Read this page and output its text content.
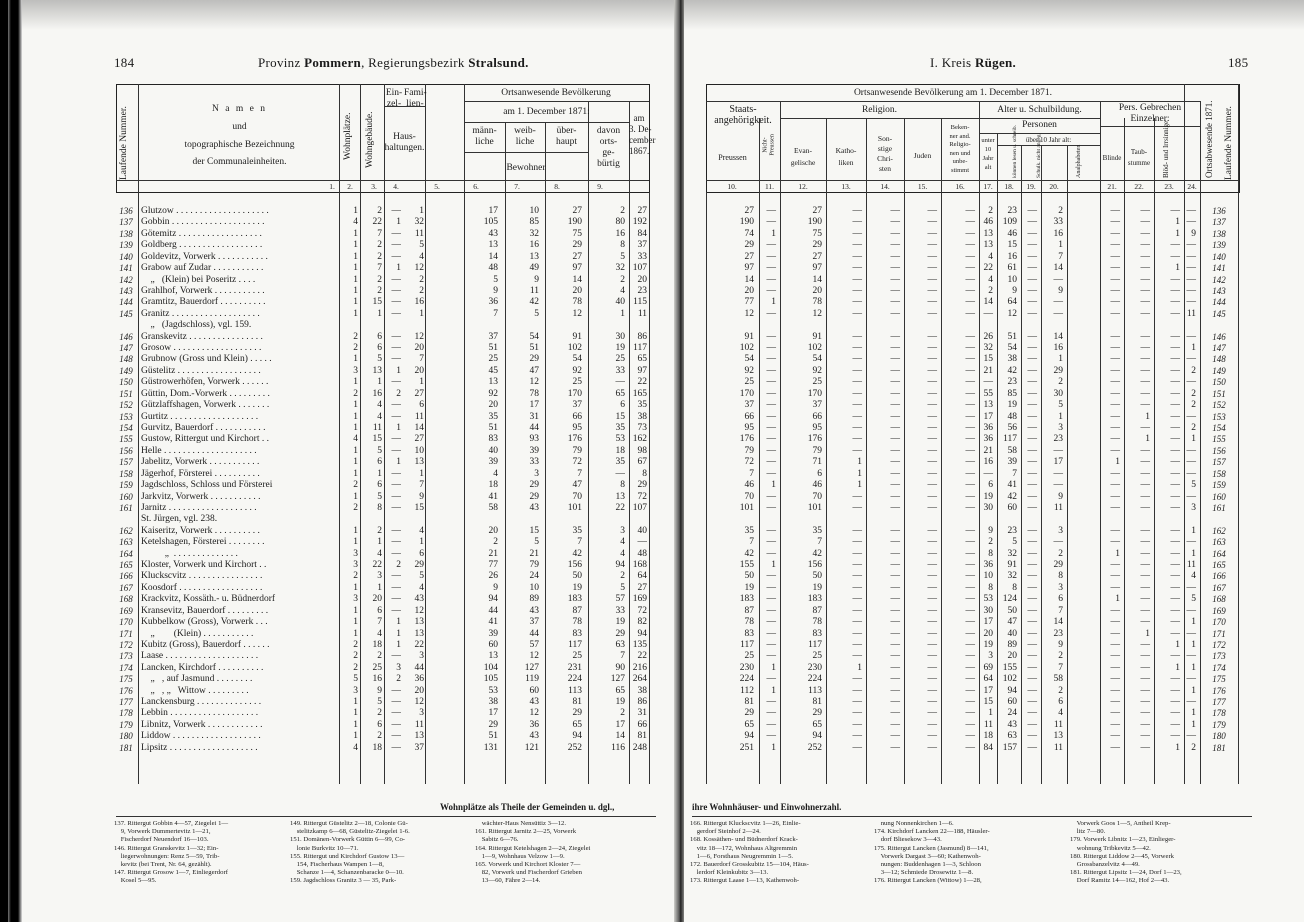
184	Provinz Pommern, Regierungsbezirk Stralsund.
Laufende Nummer.	N a m e n
und
topographische Bezeichnung
der Communaleinheiten.
Wohnplätze. Wohngebäude.
Ein-
zel-
Fami-
lien-
Haus-
haltungen.
Ortsanwesende Bevölkerung
am 1. December 1871:
männ-
liche
weib-
liche
über-
haupt
davon
orts-
ge-
bürtig
am
3. De-
cember
1867.
Bewohner
1.	2.	3.	4.	5.	6.	7.	8.	9.
136 Glutzow . . . . . . . . . . . . . . . . . . . .	1	2	—	1	17	10	27	2	27
137 Gobbin . . . . . . . . . . . . . . . . . . . .	4	22	1	32	105	85	190	80 192
138 Götemitz . . . . . . . . . . . . . . . . . .	1	7	—	11	43	32	75	16	84
139 Goldberg . . . . . . . . . . . . . . . . . .	1	2	—	5	13	16	29	8	37
140 Goldevitz, Vorwerk . . . . . . . . . . .	1	2	—	4	14	13	27	5	33
141 Grabow auf Zudar . . . . . . . . . . .	1	7	1	12	48	49	97	32 107
142 „   (Klein) bei Poseritz . . . .	1	2	—	2	5	9	14	2	20
143 Grahlhof, Vorwerk . . . . . . . . . . .	1	2	—	2	9	11	20	4	23
144 Gramtitz, Bauerdorf . . . . . . . . . .	1	15	—	16	36	42	78	40 115
145 Granitz . . . . . . . . . . . . . . . . . . .	1	1	—	1	7	5	12	1	11
„   (Jagdschloss), vgl. 159.
146 Granskevitz . . . . . . . . . . . . . . . .	2	6	—	12	37	54	91	30	86
147 Grosow . . . . . . . . . . . . . . . . . . .	2	6	—	20	51	51	102	19 117
148 Grubnow (Gross und Klein) . . . . .	1	5	—	7	25	29	54	25	65
149 Güstelitz . . . . . . . . . . . . . . . . . .	3	13	1	20	45	47	92	33	97
150 Güstrowerhöfen, Vorwerk . . . . . .	1	1	—	1	13	12	25	—	22
151 Güttin, Dom.-Vorwerk . . . . . . . . .	2	16	2	27	92	78	170	65 165
152 Gützlaffshagen, Vorwerk . . . . . . .	1	4	—	6	20	17	37	6	35
153 Gurtitz . . . . . . . . . . . . . . . . . . .	1	4	—	11	35	31	66	15	38
154 Gurvitz, Bauerdorf . . . . . . . . . . .	1	11	1	14	51	44	95	35	73
155 Gustow, Rittergut und Kirchort . .	4	15	—	27	83	93	176	53 162
156 Helle . . . . . . . . . . . . . . . . . . . .	1	5	—	10	40	39	79	18	98
157 Jabelitz, Vorwerk . . . . . . . . . . .	1	6	1	13	39	33	72	35	67
158 Jägerhof, Försterei . . . . . . . . . .	1	1	—	1	4	3	7	—	8
159 Jagdschloss, Schloss und Försterei	2	6	—	7	18	29	47	8	29
160 Jarkvitz, Vorwerk . . . . . . . . . . .	1	5	—	9	41	29	70	13	72
161 Jarnitz . . . . . . . . . . . . . . . . . . .	2	8	—	15	58	43	101	22 107
St. Jürgen, vgl. 238.
162 Kaiseritz, Vorwerk . . . . . . . . . .	1	2	—	4	20	15	35	3	40
163 Ketelshagen, Försterei . . . . . . . .	1	1	—	1	2	5	7	4	—
164 „  . . . . . . . . . . . . . .	3	4	—	6	21	21	42	4	48
165 Kloster, Vorwerk und Kirchort . .	3	22	2	29	77	79	156	94 168
166 Kluckscvitz . . . . . . . . . . . . . . . .	2	3	—	5	26	24	50	2	64
167 Koosdorf . . . . . . . . . . . . . . . . . .	1	1	—	4	9	10	19	5	27
168 Krackvitz, Kossäth.- u. Büdnerdorf	3	20	—	43	94	89	183	57 169
169 Kransevitz, Bauerdorf . . . . . . . . .	1	6	—	12	44	43	87	33	72
170 Kubbelkow (Gross), Vorwerk . . .	1	7	1	13	41	37	78	19	82
171 „        (Klein) . . . . . . . . . . .	1	4	1	13	39	44	83	29	94
172 Kubitz (Gross), Bauerdorf . . . . . .	2	18	1	22	60	57	117	63 135
173 Laase . . . . . . . . . . . . . . . . . . . .	2	2	—	3	13	12	25	7	22
174 Lancken, Kirchdorf . . . . . . . . . .	2	25	3	44	104	127	231	90 216
175 „   , auf Jasmund . . . . . . . .	5	16	2	36	105	119	224	127 264
176 „   , „   Wittow . . . . . . . . .	3	9	—	20	53	60	113	65	38
177 Lanckensburg . . . . . . . . . . . . . .	1	5	—	12	38	43	81	19	86
178 Lebbin . . . . . . . . . . . . . . . . . . .	1	2	—	3	17	12	29	2	31
179 Libnitz, Vorwerk . . . . . . . . . . . .	1	6	—	11	29	36	65	17	66
180 Liddow . . . . . . . . . . . . . . . . . . .	1	2	—	13	51	43	94	14	81
181 Lipsitz . . . . . . . . . . . . . . . . . . .	4	18	—	37	131	121	252	116 248
Wohnplätze als Theile der Gemeinden u. dgl.,
137. Rittergut Gobbin 4—57, Ziegelei 1—
9, Vorwerk Dummertevitz 1—21,
Fischerdorf Neuendorf 16—103.
146. Rittergut Granskevitz 1—32; Ein-
liegerwohnungen: Renz 5—59, Trib-
kevitz (bei Trent, Nr. 64, gezählt).
147. Rittergut Grosow 1—7, Einliegerdorf
Kosel 5—95.
149. Rittergut Güstelitz 2—18, Colonie Gü-
stelitzkamp 6—68, Güstelitz-Ziegelei 1-6.
151. Domänen-Vorwerk Güttin 6—99, Co-
lonie Burkvitz 10—71.
155. Rittergut und Kirchdorf Gustow 13—
154, Fischerhaus Wampen 1—8,
Schanze 1—4, Schanzenbaracke 0—10.
159. Jagdschloss Granitz 3 — 35, Park-
wächter-Haus Nensüttiz 3—12.
161. Rittergut Jarnitz 2—25, Vorwerk
Sabitz 6—76.
164. Rittergut Ketelshagen 2—24, Ziegelei
1—9, Wohnhaus Velzow 1—9.
165. Vorwerk und Kirchort Kloster 7—
82, Vorwerk und Fischerdorf Grieben
13—60, Fähre 2—14.
I. Kreis Rügen.	185
Ortsanwesende Bevölkerung am 1. December 1871.
Staats-
angehörigkeit.
Religion.	Alter u. Schulbildung.
Personen
Pers. Gebrechen
Einzelner:
Preussen
Nicht-
Preussen	Evan-
gelische
Katho-
liken
Son-
stige
Chri-
sten
Juden
Beken-
ner and.
Religio-
nen und
unbe-
stimmt
unter
10
Jahr
alt
über 10 Jahr alt:
können lesen u. schreib.	Schulk. nicht angeg.	Analphabeten	Blinde
Taub-
stumme	Blöd- und Irrsinnige	Ortsabwesende 1871. Laufende Nummer.
10.	11.	12.	13.	14.	15.	16.	17.	18.	19.	20.	21.	22.	23.	24.
27	—	27	—	—	—	—	2	23	—	2	—	—	— —	136
190	—	190	—	—	—	— 46	109	—	33	—	—	1 —	137
74	1	75	—	—	—	— 13	46	—	16	—	—	1	9	138
29	—	29	—	—	—	— 13	15	—	1	—	—	— —	139
27	—	27	—	—	—	—	4	16	—	7	—	—	— —	140
97	—	97	—	—	—	— 22	61	—	14	—	—	1 —	141
14	—	14	—	—	—	—	4	10	—	—	—	—	— —	142
20	—	20	—	—	—	—	2	9	—	9	—	—	— —	143
77	1	78	—	—	—	— 14	64	—	—	—	—	— —	144
12	—	12	—	—	—	— —	12	—	—	—	—	— 11	145
91	—	91	—	—	—	— 26	51	—	14	—	—	— —	146
102	—	102	—	—	—	— 32	54	—	16	—	—	—	1	147
54	—	54	—	—	—	— 15	38	—	1	—	—	— —	148
92	—	92	—	—	—	— 21	42	—	29	—	—	—	2	149
25	—	25	—	—	—	— —	23	—	2	—	—	— —	150
170	—	170	—	—	—	— 55	85	—	30	—	—	—	2	151
37	—	37	—	—	—	— 13	19	—	5	—	—	—	2	152
66	—	66	—	—	—	— 17	48	—	1	—	1	— —	153
95	—	95	—	—	—	— 36	56	—	3	—	—	—	2	154
176	—	176	—	—	—	— 36	117	—	23	—	1	—	1	155
79	—	79	—	—	—	— 21	58	—	—	—	—	— —	156
72	—	71	1	—	—	— 16	39	—	17	1	—	— —	157
7	—	6	1	—	—	— —	7	—	—	—	—	— —	158
46	1	46	1	—	—	—	6	41	—	—	—	—	—	5	159
70	—	70	—	—	—	— 19	42	—	9	—	—	— —	160
101	—	101	—	—	—	— 30	60	—	11	—	—	—	3	161
35	—	35	—	—	—	—	9	23	—	3	—	—	—	1	162
7	—	7	—	—	—	—	2	5	—	—	—	—	— —	163
42	—	42	—	—	—	—	8	32	—	2	1	—	—	1	164
155	1	156	—	—	—	— 36	91	—	29	—	—	— 11	165
50	—	50	—	—	—	— 10	32	—	8	—	—	—	4	166
19	—	19	—	—	—	—	8	8	—	3	—	—	— —	167
183	—	183	—	—	—	— 53	124	—	6	1	—	—	5	168
87	—	87	—	—	—	— 30	50	—	7	—	—	— —	169
78	—	78	—	—	—	— 17	47	—	14	—	—	—	1	170
83	—	83	—	—	—	— 20	40	—	23	—	1	— —	171
117	—	117	—	—	—	— 19	89	—	9	—	—	1	1	172
25	—	25	—	—	—	—	3	20	—	2	—	—	— —	173
230	1	230	1	—	—	— 69	155	—	7	—	—	1	1	174
224	—	224	—	—	—	— 64	102	—	58	—	—	— —	175
112	1	113	—	—	—	— 17	94	—	2	—	—	—	1	176
81	—	81	—	—	—	— 15	60	—	6	—	—	— —	177
29	—	29	—	—	—	—	1	24	—	4	—	—	—	1	178
65	—	65	—	—	—	— 11	43	—	11	—	—	—	1	179
94	—	94	—	—	—	— 18	63	—	13	—	—	— —	180
251	1	252	—	—	—	— 84	157	—	11	—	—	1	2	181
ihre Wohnhäuser- und Einwohnerzahl.
166. Rittergut Kluckscvitz 1—26, Einlie-
gerdorf Steinhof 2—24.
168. Kossäthen- und Büdnerdorf Krack-
vitz 18—172, Wohnhaus Altgremmin
1—6, Forsthaus Neugremmin 1—5.
172. Bauerdorf Grosskubitz 15—104, Häus-
lerdorf Kleinkubitz 3—13.
173. Rittergut Laase 1—13, Kathenwoh-
nung Nonnenkirchen 1—6.
174. Kirchdorf Lancken 22—188, Häusler-
dorf Bliesekow 3—43.
175. Rittergut Lancken (Jasmund) 8—141,
Vorwerk Dargast 3—60; Kathenwoh-
nungen: Buddenhagen 1—3, Schloon
3—12; Schmiede Drosewitz 1—8.
176. Rittergut Lancken (Wittow) 1—28,
Vorwerk Goos 1—5, Antheil Krep-
litz 7—80.
179. Vorwerk Libnitz 1—23, Einlieger-
wohnung Tribkevitz 5—42.
180. Rittergut Liddow 2—45, Vorwerk
Grossbanzelvitz 4—49.
181. Rittergut Lipsitz 1—24, Dorf 1—23,
Dorf Ramitz 14—162, Hof 2—43.
